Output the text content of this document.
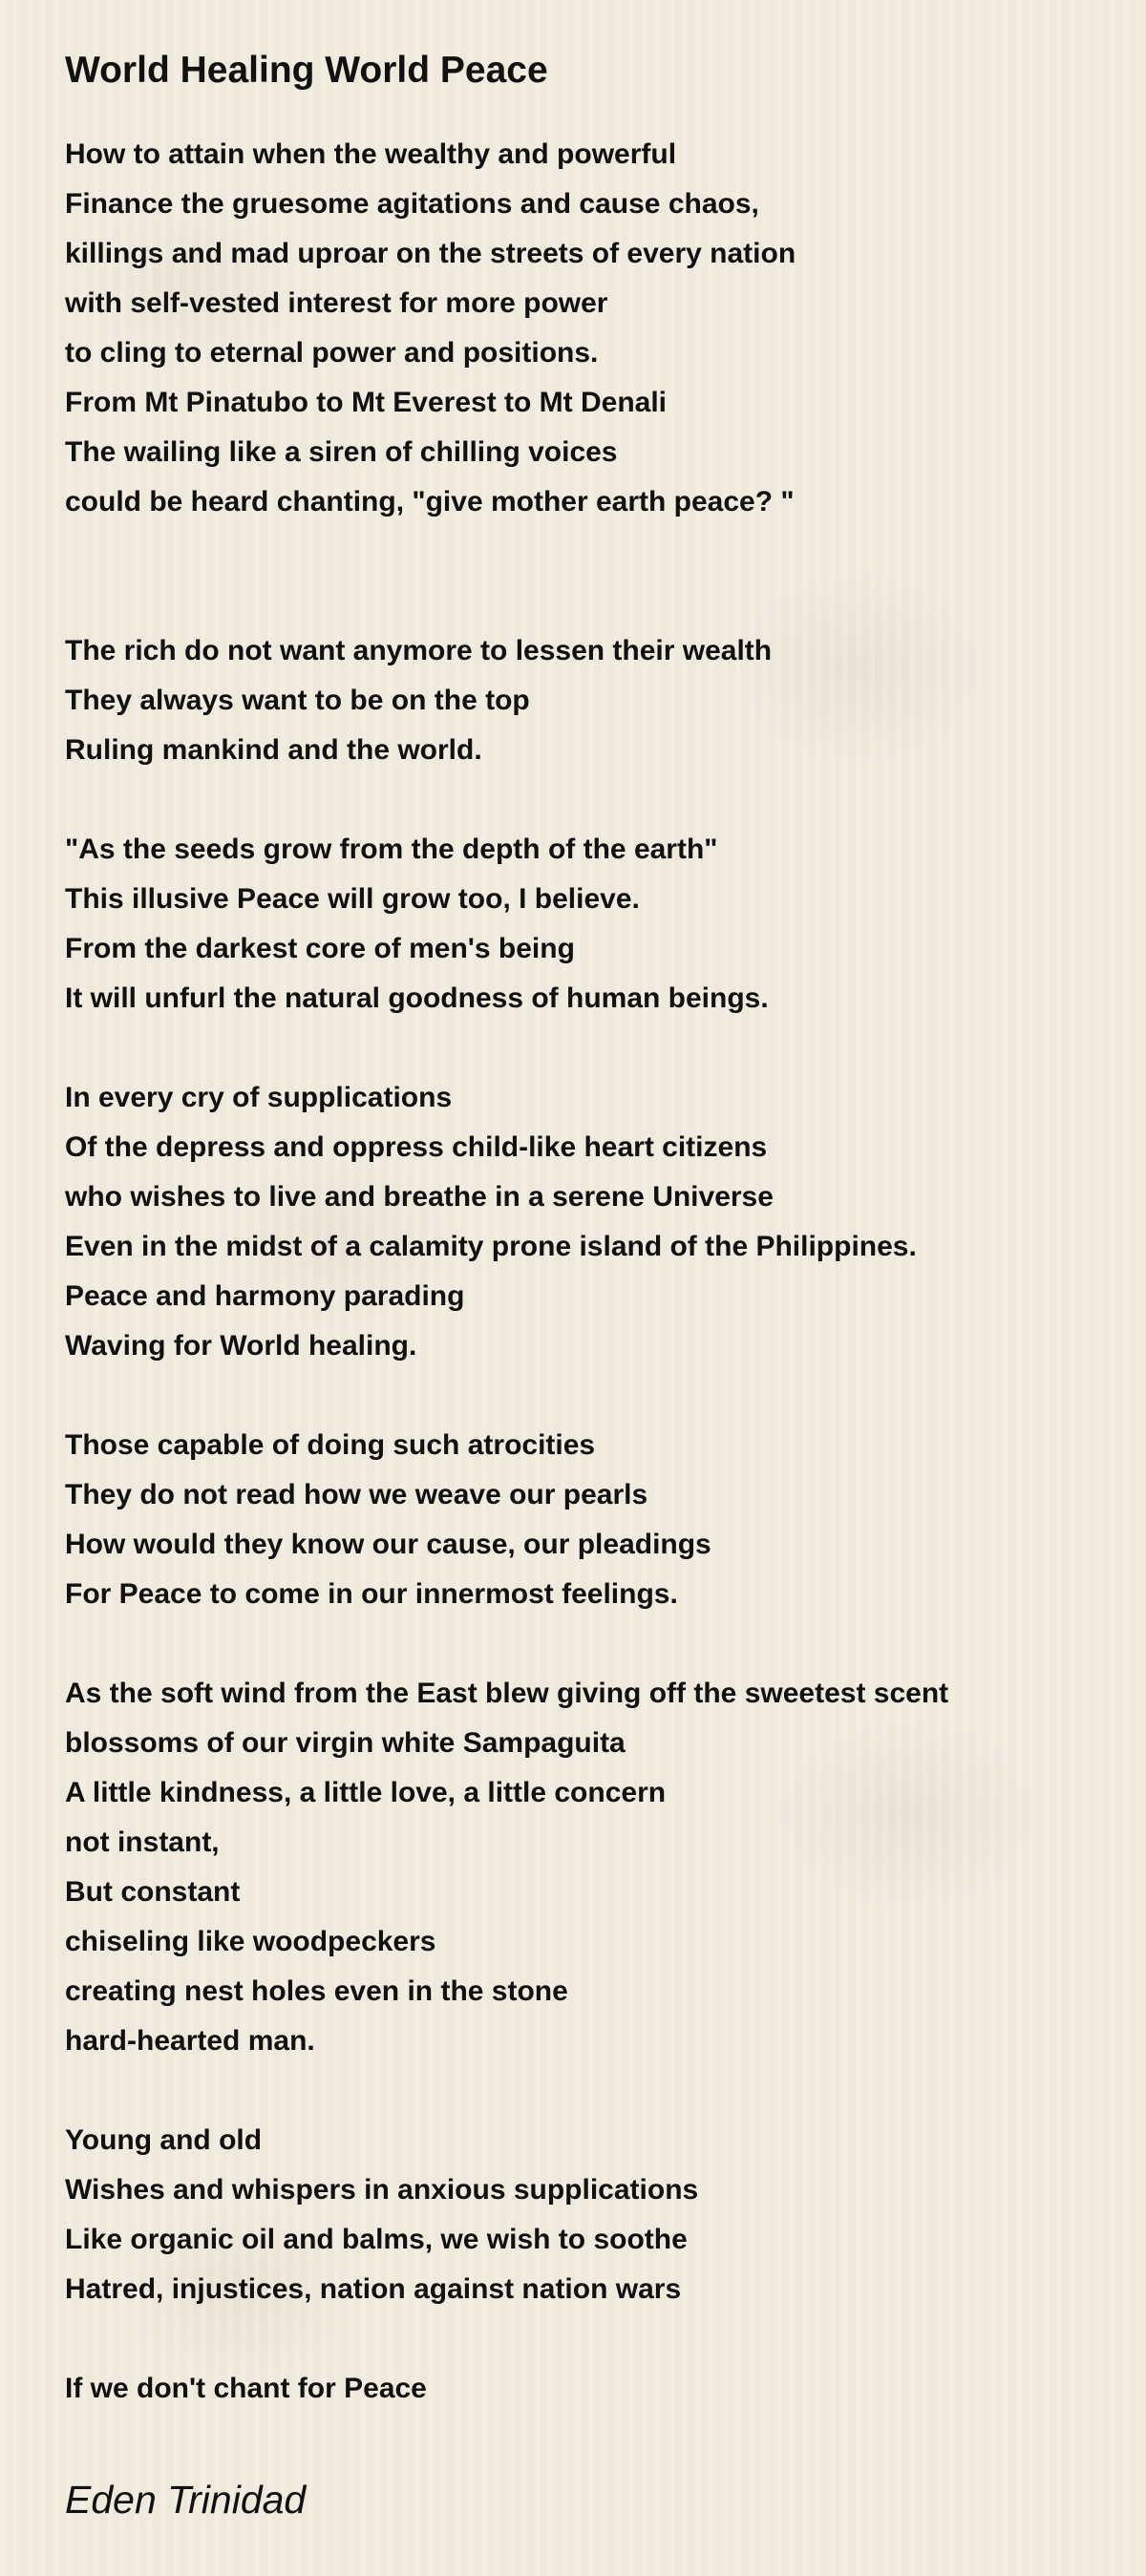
World Healing World Peace
How to attain when the wealthy and powerful
Finance the gruesome agitations and cause chaos,
killings and mad uproar on the streets of every nation
with self-vested interest for more power
to cling to eternal power and positions.
From Mt Pinatubo to Mt Everest to Mt Denali
The wailing like a siren of chilling voices
could be heard chanting, "give mother earth peace? "
The rich do not want anymore to lessen their wealth
They always want to be on the top
Ruling mankind and the world.
"As the seeds grow from the depth of the earth"
This illusive Peace will grow too, I believe.
From the darkest core of men's being
It will unfurl the natural goodness of human beings.
In every cry of supplications
Of the depress and oppress child-like heart citizens
who wishes to live and breathe in a serene Universe
Even in the midst of a calamity prone island of the Philippines.
Peace and harmony parading
Waving for World healing.
Those capable of doing such atrocities
They do not read how we weave our pearls
How would they know our cause, our pleadings
For Peace to come in our innermost feelings.
As the soft wind from the East blew giving off the sweetest scent
blossoms of our virgin white Sampaguita
A little kindness, a little love, a little concern
not instant,
But constant
chiseling like woodpeckers
creating nest holes even in the stone
hard-hearted man.
Young and old
Wishes and whispers in anxious supplications
Like organic oil and balms, we wish to soothe
Hatred, injustices, nation against nation wars
If we don't chant for Peace
Eden Trinidad
